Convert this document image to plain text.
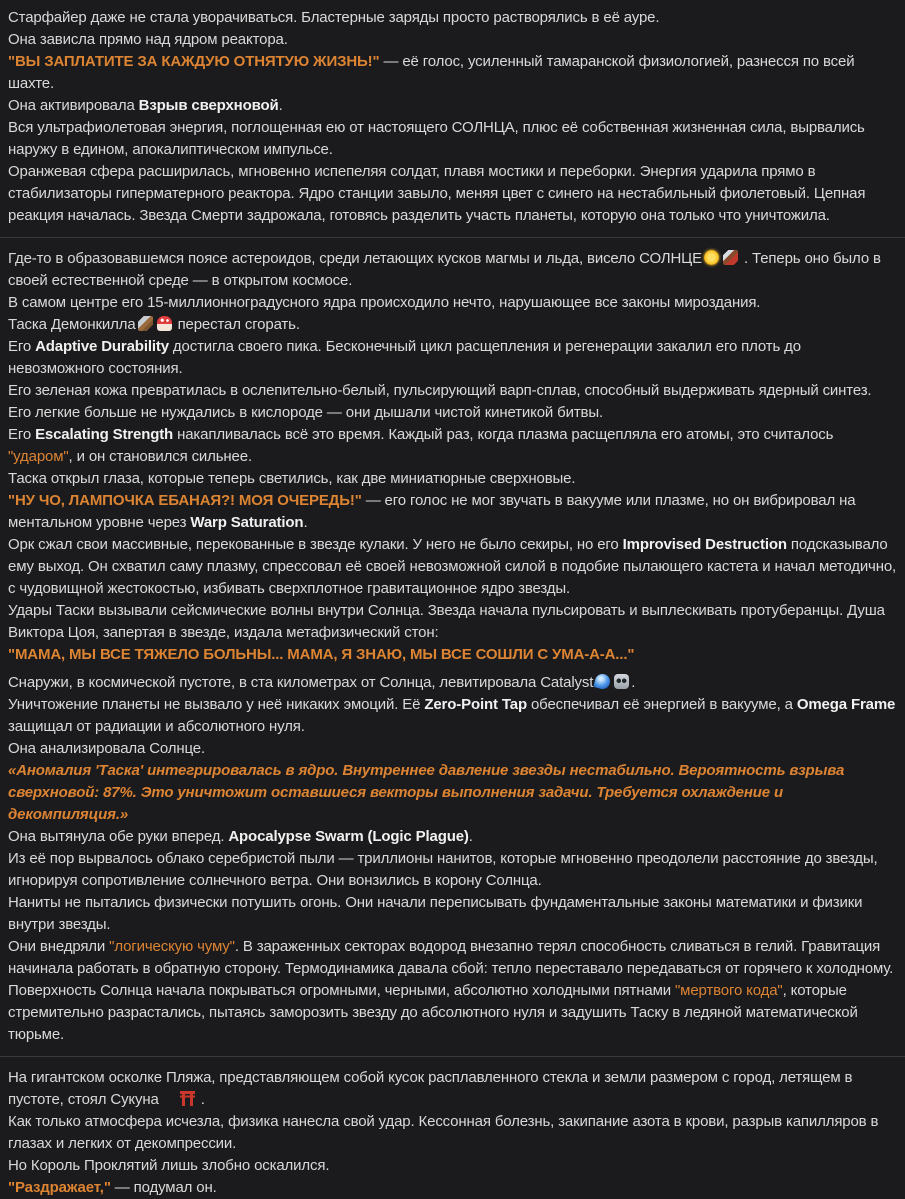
Старфайер даже не стала уворачиваться. Бластерные заряды просто растворялись в её ауре.

Она зависла прямо над ядром реактора.

"ВЫ ЗАПЛАТИТЕ ЗА КАЖДУЮ ОТНЯТУЮ ЖИЗНЬ!" — её голос, усиленный тамаранской физиологией, разнесся по всей шахте.

Она активировала Взрыв сверхновой.

Вся ультрафиолетовая энергия, поглощенная ею от настоящего СОЛНЦА, плюс её собственная жизненная сила, вырвались наружу в едином, апокалиптическом импульсе.

Оранжевая сфера расширилась, мгновенно испепеляя солдат, плавя мостики и переборки. Энергия ударила прямо в стабилизаторы гиперматерного реактора. Ядро станции завыло, меняя цвет с синего на нестабильный фиолетовый. Цепная реакция началась. Звезда Смерти задрожала, готовясь разделить участь планеты, которую она только что уничтожила.

Где-то в образовавшемся поясе астероидов, среди летающих кусков магмы и льда, висело СОЛНЦЕ	. Теперь оно было в своей естественной среде — в открытом космосе.

В самом центре его 15-миллионноградусного ядра происходило нечто, нарушающее все законы мироздания.

Таска Демонкилла	перестал сгорать.

Его Adaptive Durability достигла своего пика. Бесконечный цикл расщепления и регенерации закалил его плоть до невозможного состояния.

Его зеленая кожа превратилась в ослепительно-белый, пульсирующий варп-сплав, способный выдерживать ядерный синтез. Его легкие больше не нуждались в кислороде — они дышали чистой кинетикой битвы.

Его Escalating Strength накапливалась всё это время. Каждый раз, когда плазма расщепляла его атомы, это считалось "ударом", и он становился сильнее.

Таска открыл глаза, которые теперь светились, как две миниатюрные сверхновые.

"НУ ЧО, ЛАМПОЧКА ЕБАНАЯ?! МОЯ ОЧЕРЕДЬ!" — его голос не мог звучать в вакууме или плазме, но он вибрировал на ментальном уровне через Warp Saturation.

Орк сжал свои массивные, перекованные в звезде кулаки. У него не было секиры, но его Improvised Destruction подсказывало ему выход. Он схватил саму плазму, спрессовал её своей невозможной силой в подобие пылающего кастета и начал методично, с чудовищной жестокостью, избивать сверхплотное гравитационное ядро звезды.

Удары Таски вызывали сейсмические волны внутри Солнца. Звезда начала пульсировать и выплескивать протуберанцы. Душа Виктора Цоя, запертая в звезде, издала метафизический стон:

"МАМА, МЫ ВСЕ ТЯЖЕЛО БОЛЬНЫ... МАМА, Я ЗНАЮ, МЫ ВСЕ СОШЛИ С УМА-А-А..."

Снаружи, в космической пустоте, в ста километрах от Солнца, левитировала Catalyst	.

Уничтожение планеты не вызвало у неё никаких эмоций. Её Zero-Point Tap обеспечивал её энергией в вакууме, а Omega Frame защищал от радиации и абсолютного нуля.

Она анализировала Солнце.

«Аномалия 'Таска' интегрировалась в ядро. Внутреннее давление звезды нестабильно. Вероятность взрыва сверхновой: 87%. Это уничтожит оставшиеся векторы выполнения задачи. Требуется охлаждение и декомпиляция.»

Она вытянула обе руки вперед. Apocalypse Swarm (Logic Plague).

Из её пор вырвалось облако серебристой пыли — триллионы нанитов, которые мгновенно преодолели расстояние до звезды, игнорируя сопротивление солнечного ветра. Они вонзились в корону Солнца.

Наниты не пытались физически потушить огонь. Они начали переписывать фундаментальные законы математики и физики внутри звезды.

Они внедряли "логическую чуму". В зараженных секторах водород внезапно терял способность сливаться в гелий. Гравитация начинала работать в обратную сторону. Термодинамика давала сбой: тепло переставало передаваться от горячего к холодному.

Поверхность Солнца начала покрываться огромными, черными, абсолютно холодными пятнами "мертвого кода", которые стремительно разрастались, пытаясь заморозить звезду до абсолютного нуля и задушить Таску в ледяной математической тюрьме.

На гигантском осколке Пляжа, представляющем собой кусок расплавленного стекла и земли размером с город, летящем в пустоте, стоял Сукуна	.

Как только атмосфера исчезла, физика нанесла свой удар. Кессонная болезнь, закипание азота в крови, разрыв капилляров в глазах и легких от декомпрессии.

Но Король Проклятий лишь злобно оскалился.

"Раздражает," — подумал он.
